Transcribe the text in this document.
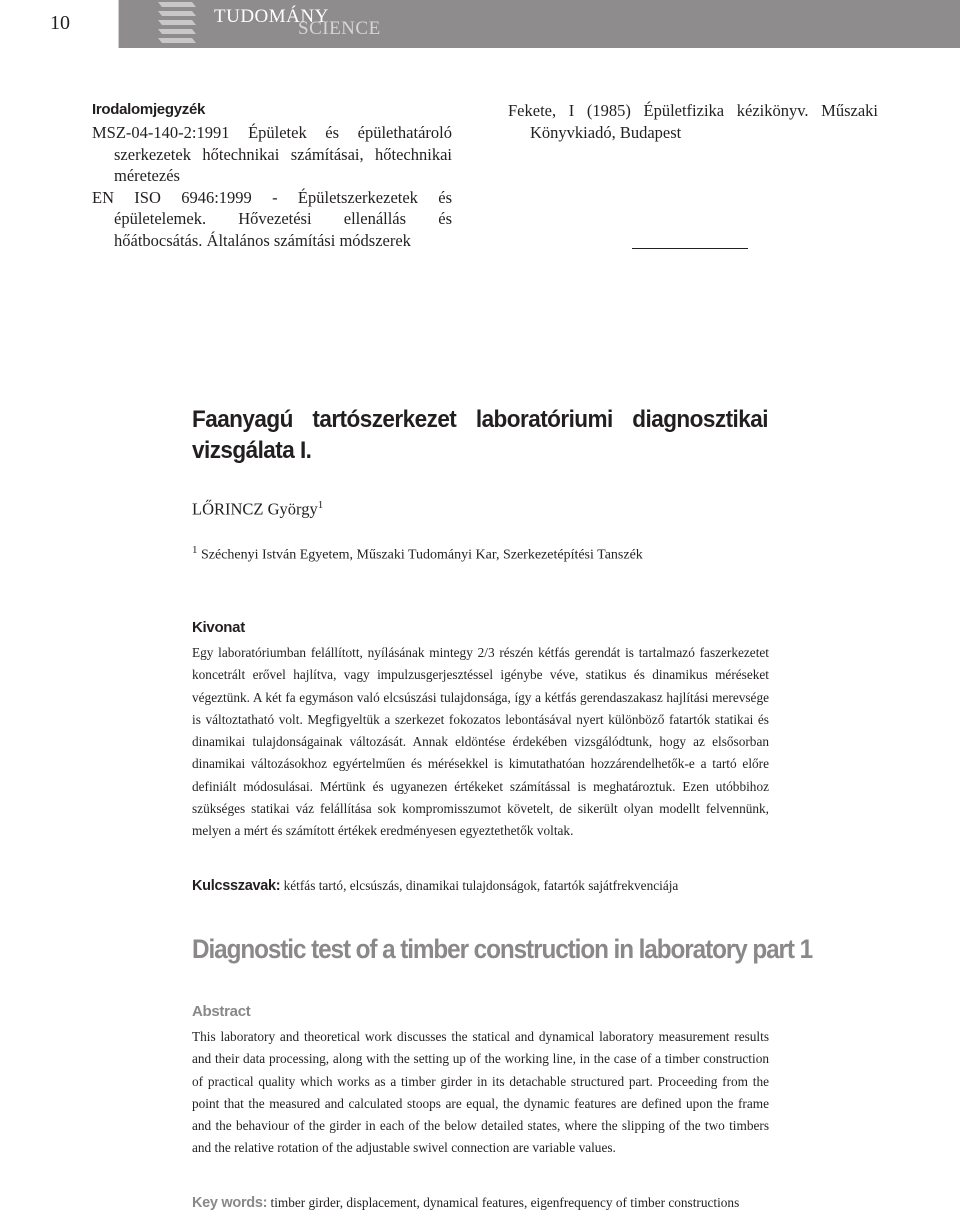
10	TUDOMÁNY
SCIENCE
Irodalomjegyzék

MSZ-04-140-2:1991 Épületek és épülethatároló szerkezetek hőtechnikai számításai, hőtechnikai méretezés

EN ISO 6946:1999 - Épületszerkezetek és épületelemek. Hővezetési ellenállás és hőátbocsátás. Általános számítási módszerek

Fekete, I (1985) Épületfizika kézikönyv. Műszaki Könyvkiadó, Budapest

Faanyagú tartószerkezet laboratóriumi diagnosztikai vizsgálata I.
LŐRINCZ György$^1$
$^1$ Széchenyi István Egyetem, Műszaki Tudományi Kar, Szerkezetépítési Tanszék
Kivonat

Egy laboratóriumban felállított, nyílásának mintegy 2/3 részén kétfás gerendát is tartalmazó faszerkezetet koncetrált erővel hajlítva, vagy impulzusgerjesztéssel igénybe véve, statikus és dinamikus méréseket végeztünk. A két fa egymáson való elcsúszási tulajdonsága, így a kétfás gerendaszakasz hajlítási merevsége is változtatható volt. Megfigyeltük a szerkezet fokozatos lebontásával nyert különböző fatartók statikai és dinamikai tulajdonságainak változását. Annak eldöntése érdekében vizsgálódtunk, hogy az elsősorban dinamikai változásokhoz egyértelműen és mérésekkel is kimutathatóan hozzárendelhetők-e a tartó előre definiált módosulásai. Mértünk és ugyanezen értékeket számítással is meghatároztuk. Ezen utóbbihoz szükséges statikai váz felállítása sok kompromisszumot követelt, de sikerült olyan modellt felvennünk, melyen a mért és számított értékek eredményesen egyeztethetők voltak.

Kulcsszavak: kétfás tartó, elcsúszás, dinamikai tulajdonságok, fatartók sajátfrekvenciája
Diagnostic test of a timber construction in laboratory part 1
Abstract

This laboratory and theoretical work discusses the statical and dynamical laboratory measurement results and their data processing, along with the setting up of the working line, in the case of a timber construction of practical quality which works as a timber girder in its detachable structured part. Proceeding from the point that the measured and calculated stoops are equal, the dynamic features are defined upon the frame and the behaviour of the girder in each of the below detailed states, where the slipping of the two timbers and the relative rotation of the adjustable swivel connection are variable values.

Key words: timber girder, displacement, dynamical features, eigenfrequency of timber constructions
